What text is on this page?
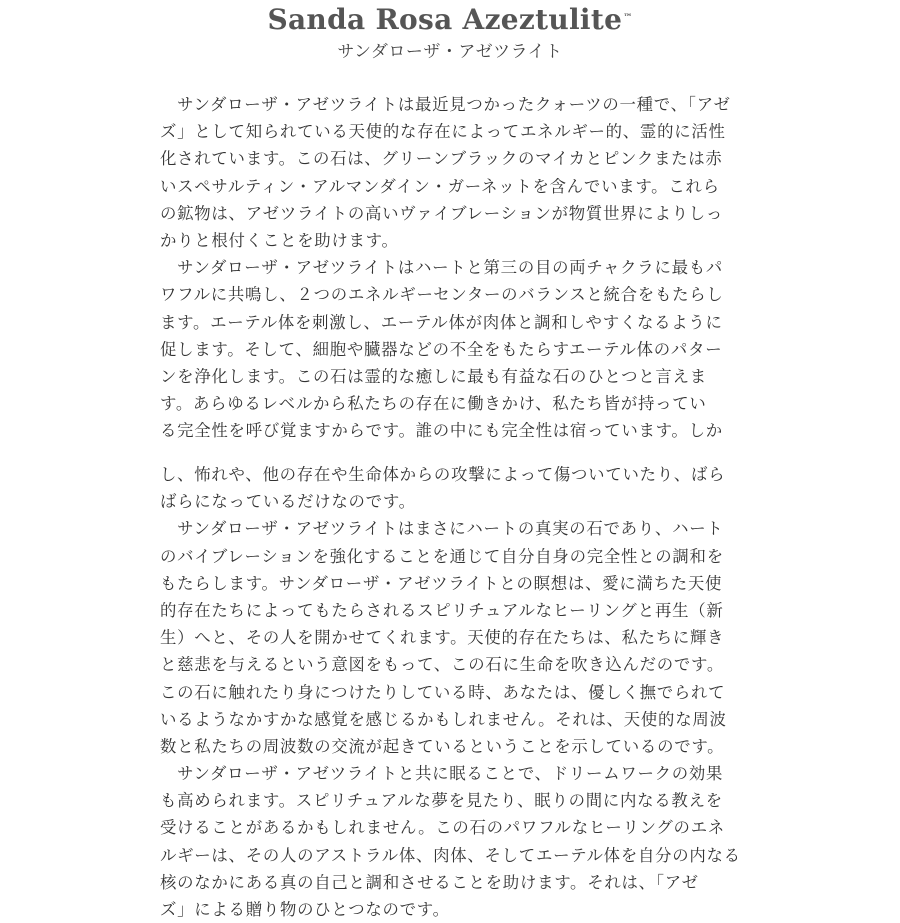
Sanda Rosa Azeztulite™
サンダローザ・アゼツライト
　サンダローザ・アゼツライトは最近見つかったクォーツの一種で、「アゼ
ズ」として知られている天使的な存在によってエネルギー的、霊的に活性
化されています。この石は、グリーンブラックのマイカとピンクまたは赤
いスペサルティン・アルマンダイン・ガーネットを含んでいます。これら
の鉱物は、アゼツライトの高いヴァイブレーションが物質世界によりしっ
かりと根付くことを助けます。
　サンダローザ・アゼツライトはハートと第三の目の両チャクラに最もパ
ワフルに共鳴し、２つのエネルギーセンターのバランスと統合をもたらし
ます。エーテル体を刺激し、エーテル体が肉体と調和しやすくなるように
促します。そして、細胞や臓器などの不全をもたらすエーテル体のパター
ンを浄化します。この石は霊的な癒しに最も有益な石のひとつと言えま
す。あらゆるレベルから私たちの存在に働きかけ、私たち皆が持ってい
る完全性を呼び覚ますからです。誰の中にも完全性は宿っています。しか
し、怖れや、他の存在や生命体からの攻撃によって傷ついていたり、ばら
ばらになっているだけなのです。
　サンダローザ・アゼツライトはまさにハートの真実の石であり、ハート
のバイブレーションを強化することを通じて自分自身の完全性との調和を
もたらします。サンダローザ・アゼツライトとの瞑想は、愛に満ちた天使
的存在たちによってもたらされるスピリチュアルなヒーリングと再生（新
生）へと、その人を開かせてくれます。天使的存在たちは、私たちに輝き
と慈悲を与えるという意図をもって、この石に生命を吹き込んだのです。
この石に触れたり身につけたりしている時、あなたは、優しく撫でられて
いるようなかすかな感覚を感じるかもしれません。それは、天使的な周波
数と私たちの周波数の交流が起きているということを示しているのです。
　サンダローザ・アゼツライトと共に眠ることで、ドリームワークの効果
も高められます。スピリチュアルな夢を見たり、眠りの間に内なる教えを
受けることがあるかもしれません。この石のパワフルなヒーリングのエネ
ルギーは、その人のアストラル体、肉体、そしてエーテル体を自分の内なる
核のなかにある真の自己と調和させることを助けます。それは、「アゼ
ズ」による贈り物のひとつなのです。
